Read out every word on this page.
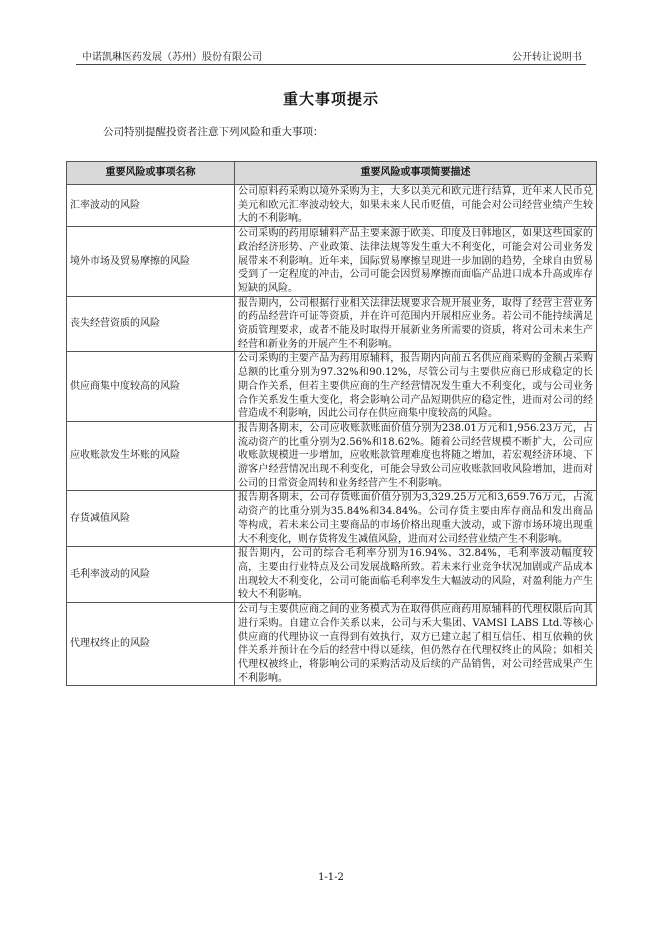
中诺凯琳医药发展（苏州）股份有限公司	公开转让说明书
重大事项提示
公司特别提醒投资者注意下列风险和重大事项：
重要风险或事项名称	重要风险或事项简要描述
汇率波动的风险	公司原料药采购以境外采购为主，大多以美元和欧元进行结算，近年来人民币兑美元和欧元汇率波动较大，如果未来人民币贬值，可能会对公司经营业绩产生较大的不利影响。
境外市场及贸易摩擦的风险	公司采购的药用原辅料产品主要来源于欧美、印度及日韩地区，如果这些国家的政治经济形势、产业政策、法律法规等发生重大不利变化，可能会对公司业务发展带来不利影响。近年来，国际贸易摩擦呈现进一步加剧的趋势，全球自由贸易受到了一定程度的冲击，公司可能会因贸易摩擦而面临产品进口成本升高或库存短缺的风险。
丧失经营资质的风险	报告期内，公司根据行业相关法律法规要求合规开展业务，取得了经营主营业务的药品经营许可证等资质，并在许可范围内开展相应业务。若公司不能持续满足资质管理要求，或者不能及时取得开展新业务所需要的资质，将对公司未来生产经营和新业务的开展产生不利影响。
供应商集中度较高的风险	公司采购的主要产品为药用原辅料，报告期内向前五名供应商采购的金额占采购总额的比重分别为97.32%和90.12%，尽管公司与主要供应商已形成稳定的长期合作关系，但若主要供应商的生产经营情况发生重大不利变化，或与公司业务合作关系发生重大变化，将会影响公司产品短期供应的稳定性，进而对公司的经营造成不利影响，因此公司存在供应商集中度较高的风险。
应收账款发生坏账的风险	报告期各期末，公司应收账款账面价值分别为238.01万元和1,956.23万元，占流动资产的比重分别为2.56%和18.62%。随着公司经营规模不断扩大，公司应收账款规模进一步增加，应收账款管理难度也将随之增加，若宏观经济环境、下游客户经营情况出现不利变化，可能会导致公司应收账款回收风险增加，进而对公司的日常资金周转和业务经营产生不利影响。
存货减值风险	报告期各期末，公司存货账面价值分别为3,329.25万元和3,659.76万元，占流动资产的比重分别为35.84%和34.84%。公司存货主要由库存商品和发出商品等构成，若未来公司主要商品的市场价格出现重大波动，或下游市场环境出现重大不利变化，则存货将发生减值风险，进而对公司经营业绩产生不利影响。
毛利率波动的风险	报告期内，公司的综合毛利率分别为16.94%、32.84%，毛利率波动幅度较高，主要由行业特点及公司发展战略所致。若未来行业竞争状况加剧或产品成本出现较大不利变化，公司可能面临毛利率发生大幅波动的风险，对盈利能力产生较大不利影响。
代理权终止的风险	公司与主要供应商之间的业务模式为在取得供应商药用原辅料的代理权限后向其进行采购。自建立合作关系以来，公司与禾大集团、VAMSI LABS Ltd.等核心供应商的代理协议一直得到有效执行，双方已建立起了相互信任、相互依赖的伙伴关系并预计在今后的经营中得以延续，但仍然存在代理权终止的风险；如相关代理权被终止，将影响公司的采购活动及后续的产品销售，对公司经营成果产生不利影响。
1-1-2
